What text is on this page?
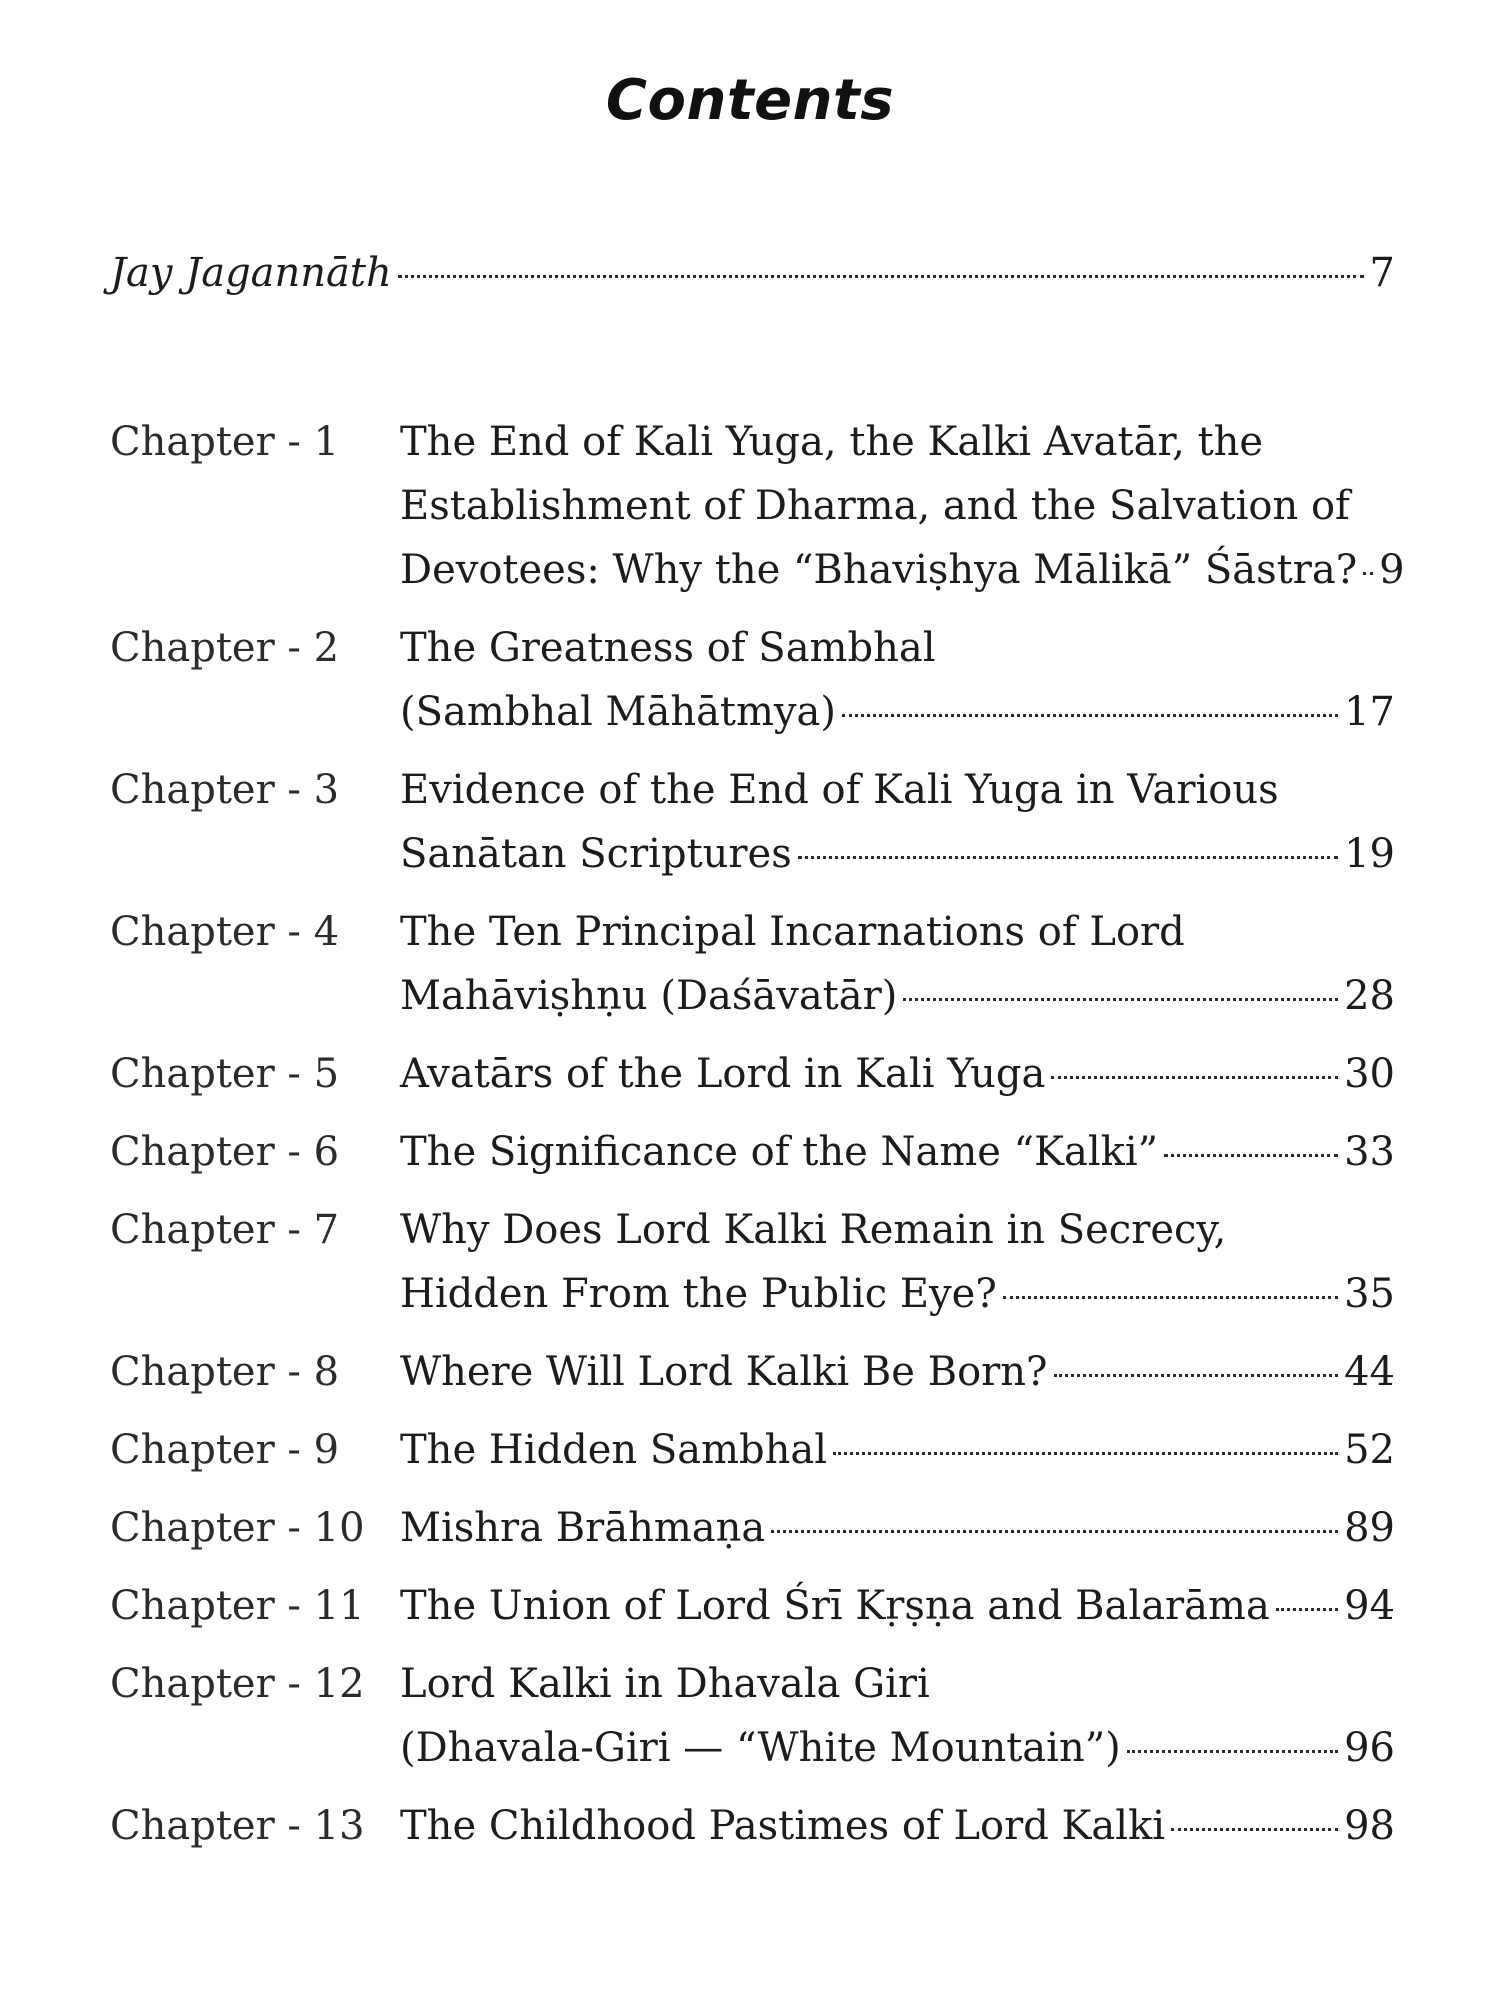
Contents
Jay Jagannāth	7
Chapter - 1	The End of Kali Yuga, the Kalki Avatār, the
Establishment of Dharma, and the Salvation of
Devotees: Why the “Bhaviṣhya Mālikā” Śāstra? 9
Chapter - 2	The Greatness of Sambhal
(Sambhal Māhātmya)	17
Chapter - 3	Evidence of the End of Kali Yuga in Various
Sanātan Scriptures	19
Chapter - 4	The Ten Principal Incarnations of Lord
Mahāviṣhṇu (Daśāvatār)	28
Chapter - 5	Avatārs of the Lord in Kali Yuga	30
Chapter - 6	The Significance of the Name “Kalki”	33
Chapter - 7	Why Does Lord Kalki Remain in Secrecy,
Hidden From the Public Eye?	35
Chapter - 8	Where Will Lord Kalki Be Born?	44
Chapter - 9	The Hidden Sambhal	52
Chapter - 10 Mishra Brāhmaṇa	89
Chapter - 11 The Union of Lord Śrī Kṛṣṇa and Balarāma 94
Chapter - 12 Lord Kalki in Dhavala Giri
(Dhavala-Giri — “White Mountain”)	96
Chapter - 13 The Childhood Pastimes of Lord Kalki	98
